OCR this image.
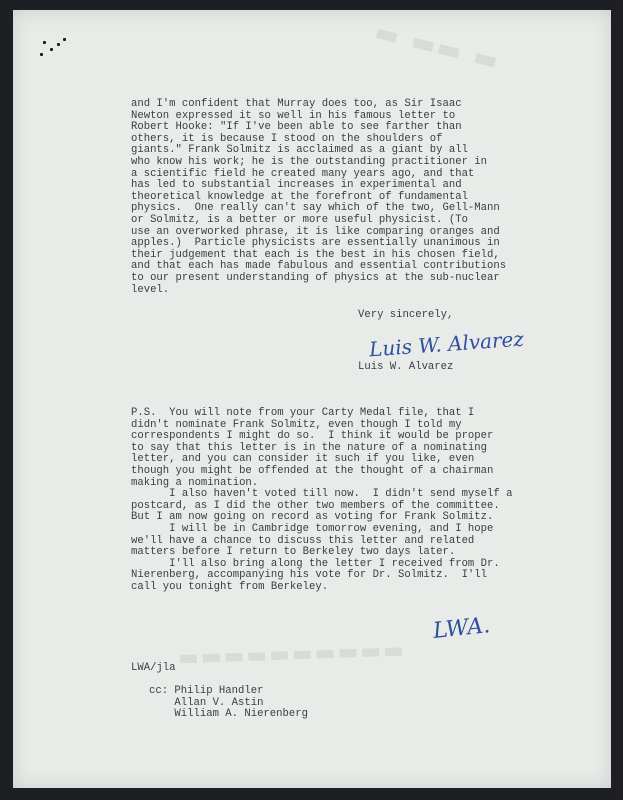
▬ ▬▬ ▬
▬▬▬▬▬▬▬▬▬▬

and I'm confident that Murray does too, as Sir Isaac

Newton expressed it so well in his famous letter to

Robert Hooke: "If I've been able to see farther than

others, it is because I stood on the shoulders of

giants." Frank Solmitz is acclaimed as a giant by all

who know his work; he is the outstanding practitioner in

a scientific field he created many years ago, and that

has led to substantial increases in experimental and

theoretical knowledge at the forefront of fundamental

physics.  One really can't say which of the two, Gell-Mann

or Solmitz, is a better or more useful physicist. (To

use an overworked phrase, it is like comparing oranges and

apples.)  Particle physicists are essentially unanimous in

their judgement that each is the best in his chosen field,

and that each has made fabulous and essential contributions

to our present understanding of physics at the sub-nuclear

level.

Very sincerely,

Luis W. Alvarez

Luis W. Alvarez

P.S.  You will note from your Carty Medal file, that I

didn't nominate Frank Solmitz, even though I told my

correspondents I might do so.  I think it would be proper

to say that this letter is in the nature of a nominating

letter, and you can consider it such if you like, even

though you might be offended at the thought of a chairman

making a nomination.

I also haven't voted till now.  I didn't send myself a

postcard, as I did the other two members of the committee.

But I am now going on record as voting for Frank Solmitz.

I will be in Cambridge tomorrow evening, and I hope

we'll have a chance to discuss this letter and related

matters before I return to Berkeley two days later.

I'll also bring along the letter I received from Dr.

Nierenberg, accompanying his vote for Dr. Solmitz.  I'll

call you tonight from Berkeley.

LWA.

LWA/jla

cc: Philip Handler

Allan V. Astin

William A. Nierenberg
